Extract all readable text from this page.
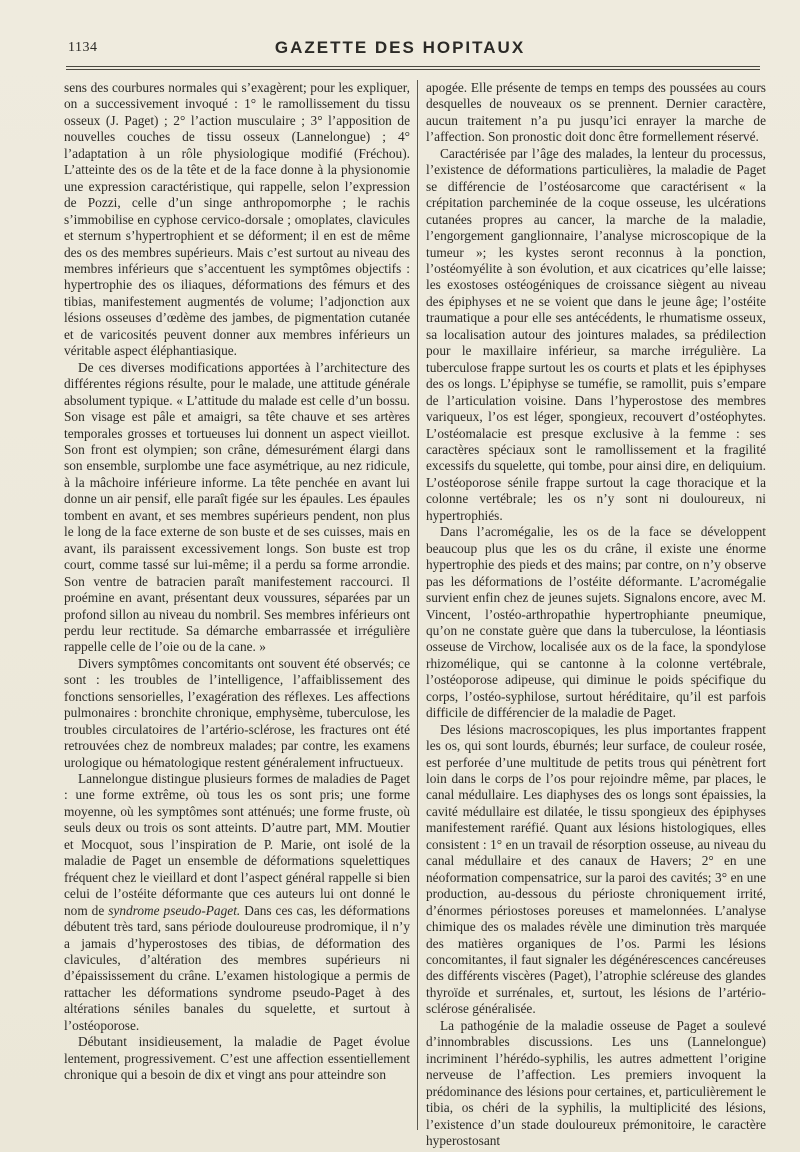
1134	GAZETTE DES HOPITAUX

sens des courbures normales qui s’exagèrent; pour les expliquer, on a successivement invoqué : 1° le ramollissement du tissu osseux (J. Paget) ; 2° l’action musculaire ; 3° l’apposition de nouvelles couches de tissu osseux (Lannelongue) ; 4° l’adaptation à un rôle physiologique modifié (Fréchou). L’atteinte des os de la tête et de la face donne à la physionomie une expression caractéristique, qui rappelle, selon l’expression de Pozzi, celle d’un singe anthropomorphe ; le rachis s’immobilise en cyphose cervico-dorsale ; omoplates, clavicules et sternum s’hypertrophient et se déforment; il en est de même des os des membres supérieurs. Mais c’est surtout au niveau des membres inférieurs que s’accentuent les symptômes objectifs : hypertrophie des os iliaques, déformations des fémurs et des tibias, manifestement augmentés de volume; l’adjonction aux lésions osseuses d’œdème des jambes, de pigmentation cutanée et de varicosités peuvent donner aux membres inférieurs un véritable aspect éléphantiasique.

De ces diverses modifications apportées à l’architecture des différentes régions résulte, pour le malade, une attitude générale absolument typique. « L’attitude du malade est celle d’un bossu. Son visage est pâle et amaigri, sa tête chauve et ses artères temporales grosses et tortueuses lui donnent un aspect vieillot. Son front est olympien; son crâne, démesurément élargi dans son ensemble, surplombe une face asymétrique, au nez ridicule, à la mâchoire inférieure informe. La tête penchée en avant lui donne un air pensif, elle paraît figée sur les épaules. Les épaules tombent en avant, et ses membres supérieurs pendent, non plus le long de la face externe de son buste et de ses cuisses, mais en avant, ils paraissent excessivement longs. Son buste est trop court, comme tassé sur lui-même; il a perdu sa forme arrondie. Son ventre de batracien paraît manifestement raccourci. Il proémine en avant, présentant deux voussures, séparées par un profond sillon au niveau du nombril. Ses membres inférieurs ont perdu leur rectitude. Sa démarche embarrassée et irrégulière rappelle celle de l’oie ou de la cane. »

Divers symptômes concomitants ont souvent été observés; ce sont : les troubles de l’intelligence, l’affaiblissement des fonctions sensorielles, l’exagération des réflexes. Les affections pulmonaires : bronchite chronique, emphysème, tuberculose, les troubles circulatoires de l’artério-sclérose, les fractures ont été retrouvées chez de nombreux malades; par contre, les examens urologique ou hématologique restent généralement infructueux.

Lannelongue distingue plusieurs formes de maladies de Paget : une forme extrême, où tous les os sont pris; une forme moyenne, où les symptômes sont atténués; une forme fruste, où seuls deux ou trois os sont atteints. D’autre part, MM. Moutier et Mocquot, sous l’inspiration de P. Marie, ont isolé de la maladie de Paget un ensemble de déformations squelettiques fréquent chez le vieillard et dont l’aspect général rappelle si bien celui de l’ostéite déformante que ces auteurs lui ont donné le nom de syndrome pseudo-Paget. Dans ces cas, les déformations débutent très tard, sans période douloureuse prodromique, il n’y a jamais d’hyperostoses des tibias, de déformation des clavicules, d’altération des membres supérieurs ni d’épaississement du crâne. L’examen histologique a permis de rattacher les déformations syndrome pseudo-Paget à des altérations séniles banales du squelette, et surtout à l’ostéoporose.

Débutant insidieusement, la maladie de Paget évolue lentement, progressivement. C’est une affection essentiellement chronique qui a besoin de dix et vingt ans pour atteindre son

apogée. Elle présente de temps en temps des poussées au cours desquelles de nouveaux os se prennent. Dernier caractère, aucun traitement n’a pu jusqu’ici enrayer la marche de l’affection. Son pronostic doit donc être formellement réservé.

Caractérisée par l’âge des malades, la lenteur du processus, l’existence de déformations particulières, la maladie de Paget se différencie de l’ostéosarcome que caractérisent « la crépitation parcheminée de la coque osseuse, les ulcérations cutanées propres au cancer, la marche de la maladie, l’engorgement ganglionnaire, l’analyse microscopique de la tumeur »; les kystes seront reconnus à la ponction, l’ostéomyélite à son évolution, et aux cicatrices qu’elle laisse; les exostoses ostéogéniques de croissance siègent au niveau des épiphyses et ne se voient que dans le jeune âge; l’ostéite traumatique a pour elle ses antécédents, le rhumatisme osseux, sa localisation autour des jointures malades, sa prédilection pour le maxillaire inférieur, sa marche irrégulière. La tuberculose frappe surtout les os courts et plats et les épiphyses des os longs. L’épiphyse se tuméfie, se ramollit, puis s’empare de l’articulation voisine. Dans l’hyperostose des membres variqueux, l’os est léger, spongieux, recouvert d’ostéophytes. L’ostéomalacie est presque exclusive à la femme : ses caractères spéciaux sont le ramollissement et la fragilité excessifs du squelette, qui tombe, pour ainsi dire, en deliquium. L’ostéoporose sénile frappe surtout la cage thoracique et la colonne vertébrale; les os n’y sont ni douloureux, ni hypertrophiés.

Dans l’acromégalie, les os de la face se développent beaucoup plus que les os du crâne, il existe une énorme hypertrophie des pieds et des mains; par contre, on n’y observe pas les déformations de l’ostéite déformante. L’acromégalie survient enfin chez de jeunes sujets. Signalons encore, avec M. Vincent, l’ostéo-arthropathie hypertrophiante pneumique, qu’on ne constate guère que dans la tuberculose, la léontiasis osseuse de Virchow, localisée aux os de la face, la spondylose rhizomélique, qui se cantonne à la colonne vertébrale, l’ostéoporose adipeuse, qui diminue le poids spécifique du corps, l’ostéo-syphilose, surtout héréditaire, qu’il est parfois difficile de différencier de la maladie de Paget.

Des lésions macroscopiques, les plus importantes frappent les os, qui sont lourds, éburnés; leur surface, de couleur rosée, est perforée d’une multitude de petits trous qui pénètrent fort loin dans le corps de l’os pour rejoindre même, par places, le canal médullaire. Les diaphyses des os longs sont épaissies, la cavité médullaire est dilatée, le tissu spongieux des épiphyses manifestement raréfié. Quant aux lésions histologiques, elles consistent : 1° en un travail de résorption osseuse, au niveau du canal médullaire et des canaux de Havers; 2° en une néoformation compensatrice, sur la paroi des cavités; 3° en une production, au-dessous du périoste chroniquement irrité, d’énormes périostoses poreuses et mamelonnées. L’analyse chimique des os malades révèle une diminution très marquée des matières organiques de l’os. Parmi les lésions concomitantes, il faut signaler les dégénérescences cancéreuses des différents viscères (Paget), l’atrophie scléreuse des glandes thyroïde et surrénales, et, surtout, les lésions de l’artério-sclérose généralisée.

La pathogénie de la maladie osseuse de Paget a soulevé d’innombrables discussions. Les uns (Lannelongue) incriminent l’hérédo-syphilis, les autres admettent l’origine nerveuse de l’affection. Les premiers invoquent la prédominance des lésions pour certaines, et, particulièrement le tibia, os chéri de la syphilis, la multiplicité des lésions, l’existence d’un stade douloureux prémonitoire, le caractère hyperostosant
